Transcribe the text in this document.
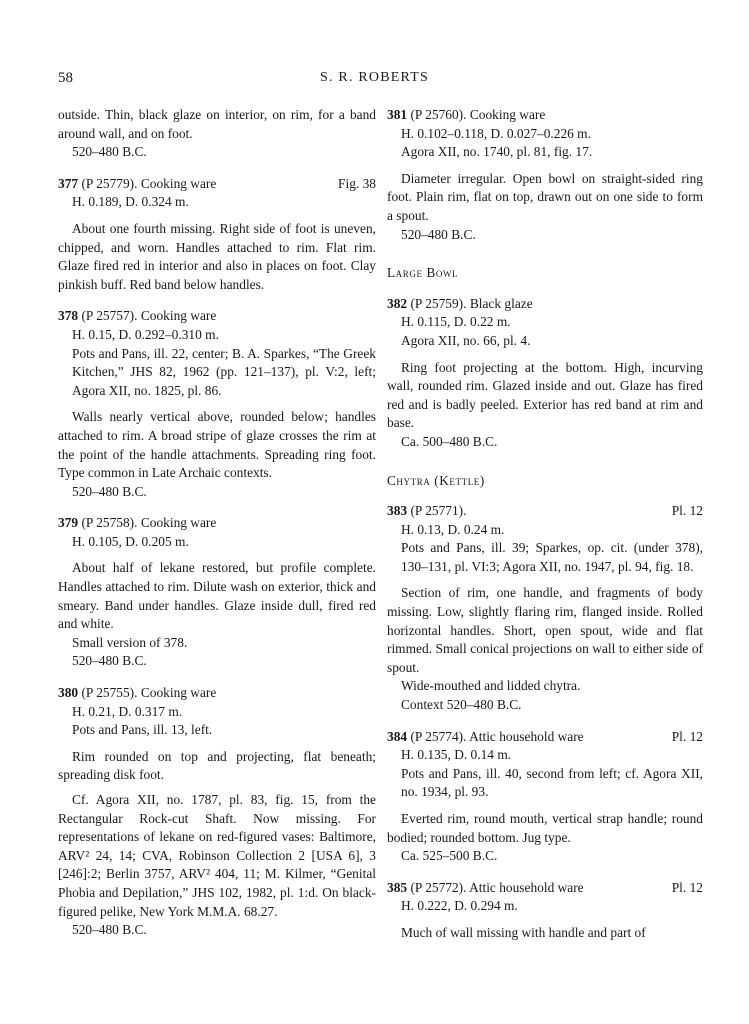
58	S. R. ROBERTS
outside. Thin, black glaze on interior, on rim, for a band around wall, and on foot.
520–480 B.C.
377 (P 25779). Cooking ware	Fig. 38
H. 0.189, D. 0.324 m.
About one fourth missing. Right side of foot is uneven, chipped, and worn. Handles attached to rim. Flat rim. Glaze fired red in interior and also in places on foot. Clay pinkish buff. Red band below handles.
378 (P 25757). Cooking ware
H. 0.15, D. 0.292–0.310 m.
Pots and Pans, ill. 22, center; B. A. Sparkes, “The Greek Kitchen,” JHS 82, 1962 (pp. 121–137), pl. V:2, left; Agora XII, no. 1825, pl. 86.
Walls nearly vertical above, rounded below; handles attached to rim. A broad stripe of glaze crosses the rim at the point of the handle attachments. Spreading ring foot. Type common in Late Archaic contexts.
520–480 B.C.
379 (P 25758). Cooking ware
H. 0.105, D. 0.205 m.
About half of lekane restored, but profile complete. Handles attached to rim. Dilute wash on exterior, thick and smeary. Band under handles. Glaze inside dull, fired red and white.
Small version of 378.
520–480 B.C.
380 (P 25755). Cooking ware
H. 0.21, D. 0.317 m.
Pots and Pans, ill. 13, left.
Rim rounded on top and projecting, flat beneath; spreading disk foot.
Cf. Agora XII, no. 1787, pl. 83, fig. 15, from the Rectangular Rock-cut Shaft. Now missing. For representations of lekane on red-figured vases: Baltimore, ARV² 24, 14; CVA, Robinson Collection 2 [USA 6], 3 [246]:2; Berlin 3757, ARV² 404, 11; M. Kilmer, “Genital Phobia and Depilation,” JHS 102, 1982, pl. 1:d. On black-figured pelike, New York M.M.A. 68.27.
520–480 B.C.
381 (P 25760). Cooking ware
H. 0.102–0.118, D. 0.027–0.226 m.
Agora XII, no. 1740, pl. 81, fig. 17.
Diameter irregular. Open bowl on straight-sided ring foot. Plain rim, flat on top, drawn out on one side to form a spout.
520–480 B.C.
Large Bowl
382 (P 25759). Black glaze
H. 0.115, D. 0.22 m.
Agora XII, no. 66, pl. 4.
Ring foot projecting at the bottom. High, incurving wall, rounded rim. Glazed inside and out. Glaze has fired red and is badly peeled. Exterior has red band at rim and base.
Ca. 500–480 B.C.
Chytra (Kettle)
383 (P 25771).	Pl. 12
H. 0.13, D. 0.24 m.
Pots and Pans, ill. 39; Sparkes, op. cit. (under 378), 130–131, pl. VI:3; Agora XII, no. 1947, pl. 94, fig. 18.
Section of rim, one handle, and fragments of body missing. Low, slightly flaring rim, flanged inside. Rolled horizontal handles. Short, open spout, wide and flat rimmed. Small conical projections on wall to either side of spout.
Wide-mouthed and lidded chytra.
Context 520–480 B.C.
384 (P 25774). Attic household ware	Pl. 12
H. 0.135, D. 0.14 m.
Pots and Pans, ill. 40, second from left; cf. Agora XII, no. 1934, pl. 93.
Everted rim, round mouth, vertical strap handle; round bodied; rounded bottom. Jug type.
Ca. 525–500 B.C.
385 (P 25772). Attic household ware	Pl. 12
H. 0.222, D. 0.294 m.
Much of wall missing with handle and part of
